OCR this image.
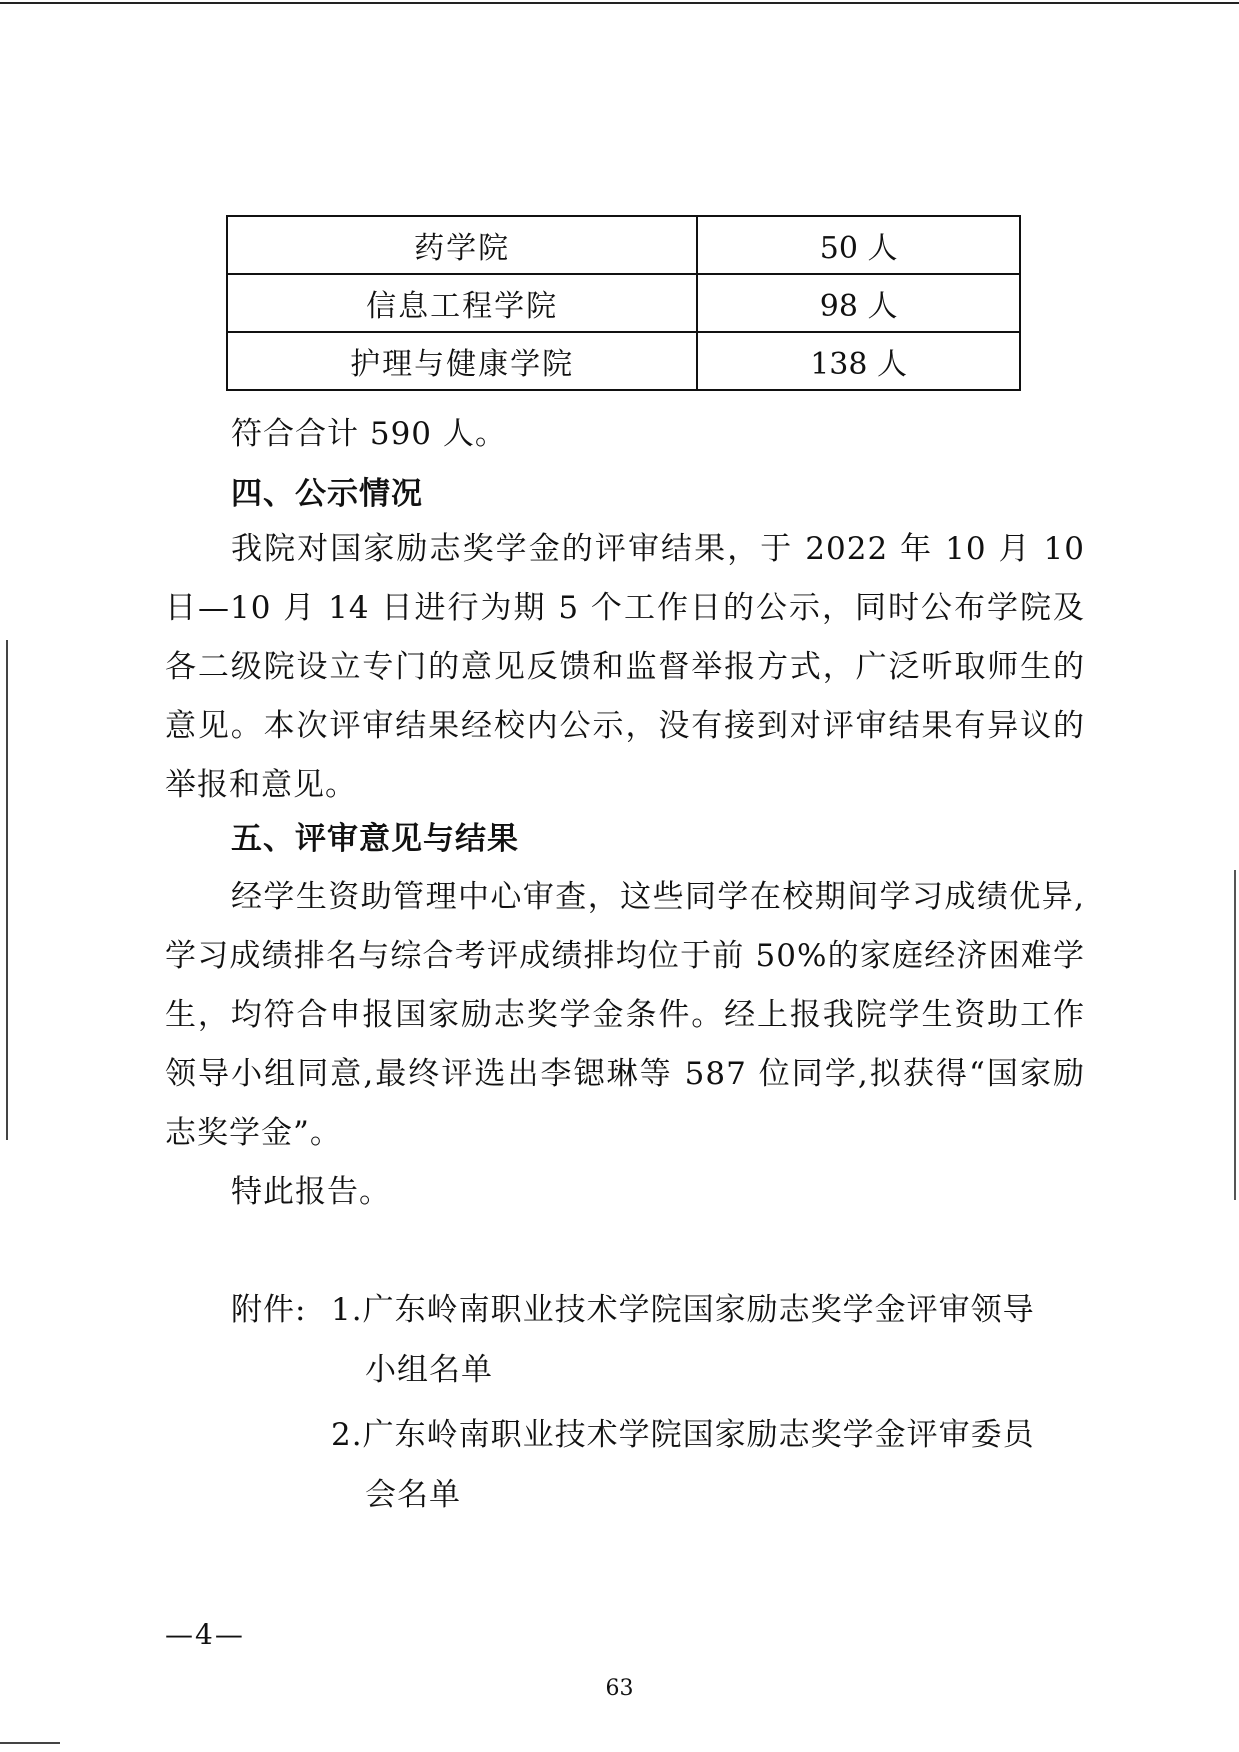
药学院	50 人
信息工程学院	98 人
护理与健康学院	138 人
符合合计 590 人。
四、公示情况
我院对国家励志奖学金的评审结果，于 2022 年 10 月 10 日—10 月 14 日进行为期 5 个工作日的公示，同时公布学院及各二级院设立专门的意见反馈和监督举报方式，广泛听取师生的意见。本次评审结果经校内公示，没有接到对评审结果有异议的举报和意见。
五、评审意见与结果
经学生资助管理中心审查，这些同学在校期间学习成绩优异,学习成绩排名与综合考评成绩排均位于前 50%的家庭经济困难学生，均符合申报国家励志奖学金条件。经上报我院学生资助工作领导小组同意,最终评选出李锶琳等 587 位同学,拟获得“国家励志奖学金”。
特此报告。
附件: 1.广东岭南职业技术学院国家励志奖学金评审领导
小组名单
2.广东岭南职业技术学院国家励志奖学金评审委员
会名单
—4—
63
